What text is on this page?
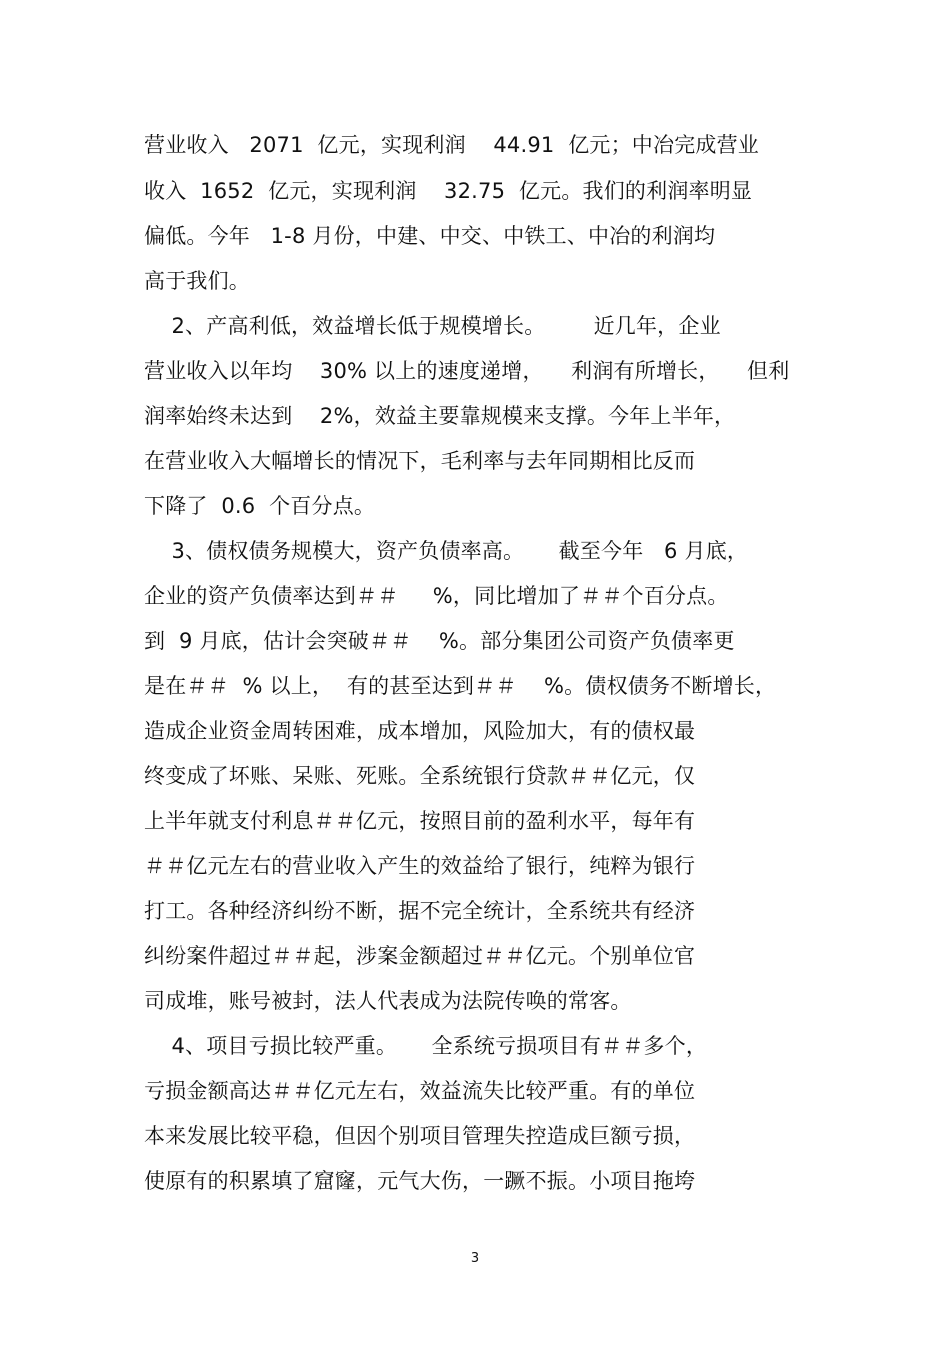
营业收入   2071  亿元，实现利润    44.91  亿元；中冶完成营业
收入  1652  亿元，实现利润    32.75  亿元。我们的利润率明显
偏低。今年   1-8 月份，中建、中交、中铁工、中冶的利润均
高于我们。
2、产高利低，效益增长低于规模增长。       近几年，企业
营业收入以年均    30% 以上的速度递增，    利润有所增长，    但利
润率始终未达到    2%，效益主要靠规模来支撑。今年上半年，
在营业收入大幅增长的情况下，毛利率与去年同期相比反而
下降了  0.6  个百分点。
3、债权债务规模大，资产负债率高。     截至今年   6 月底，
企业的资产负债率达到＃＃     %，同比增加了＃＃个百分点。
到  9 月底，估计会突破＃＃    %。部分集团公司资产负债率更
是在＃＃  % 以上，  有的甚至达到＃＃    %。债权债务不断增长，
造成企业资金周转困难，成本增加，风险加大，有的债权最
终变成了坏账、呆账、死账。全系统银行贷款＃＃亿元，仅
上半年就支付利息＃＃亿元，按照目前的盈利水平，每年有
＃＃亿元左右的营业收入产生的效益给了银行，纯粹为银行
打工。各种经济纠纷不断，据不完全统计，全系统共有经济
纠纷案件超过＃＃起，涉案金额超过＃＃亿元。个别单位官
司成堆，账号被封，法人代表成为法院传唤的常客。
4、项目亏损比较严重。     全系统亏损项目有＃＃多个，
亏损金额高达＃＃亿元左右，效益流失比较严重。有的单位
本来发展比较平稳，但因个别项目管理失控造成巨额亏损，
使原有的积累填了窟窿，元气大伤，一蹶不振。小项目拖垮
3
